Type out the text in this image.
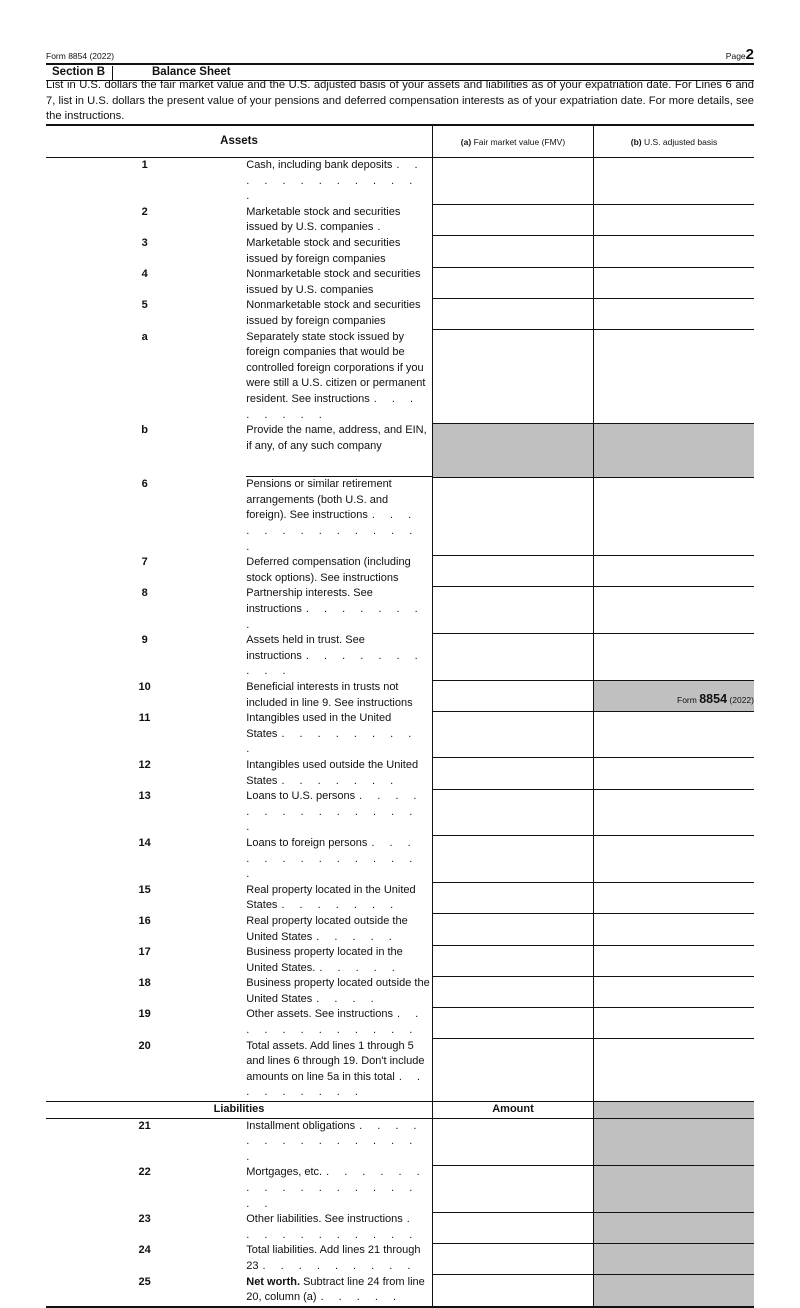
Form 8854 (2022)	Page2
Section B	Balance Sheet
List in U.S. dollars the fair market value and the U.S. adjusted basis of your assets and liabilities as of your expatriation date. For Lines 6 and 7, list in U.S. dollars the present value of your pensions and deferred compensation interests as of your expatriation date. For more details, see the instructions.
Assets		(a) Fair market value (FMV)	(b) U.S. adjusted basis
1	Cash, including bank deposits . . . . . . . . . . . . .		
2	Marketable stock and securities issued by U.S. companies .		
3	Marketable stock and securities issued by foreign companies		
4	Nonmarketable stock and securities issued by U.S. companies		
5	Nonmarketable stock and securities issued by foreign companies		
a	Separately state stock issued by foreign companies that would be controlled foreign corporations if you were still a U.S. citizen or permanent resident. See instructions . . . . . . . .		
b	Provide the name, address, and EIN, if any, of any such company

6	Pensions or similar retirement arrangements (both U.S. and foreign). See instructions . . . . . . . . . . . . . .		
7	Deferred compensation (including stock options). See instructions		
8	Partnership interests. See instructions . . . . . . . .		
9	Assets held in trust. See instructions . . . . . . . . . .		
10	Beneficial interests in trusts not included in line 9. See instructions		
11	Intangibles used in the United States . . . . . . . . .		
12	Intangibles used outside the United States . . . . . . .		
13	Loans to U.S. persons . . . . . . . . . . . . . . .		
14	Loans to foreign persons . . . . . . . . . . . . . .		
15	Real property located in the United States . . . . . . .		
16	Real property located outside the United States . . . . .		
17	Business property located in the United States. . . . . .		
18	Business property located outside the United States . . . .		
19	Other assets. See instructions . . . . . . . . . . . .		
20	Total assets. Add lines 1 through 5 and lines 6 through 19. Don't include amounts on line 5a in this total . . . . . . . . .		
Liabilities		Amount	
21	Installment obligations . . . . . . . . . . . . . . .		
22	Mortgages, etc. . . . . . . . . . . . . . . . . . .		
23	Other liabilities. See instructions . . . . . . . . . . .		
24	Total liabilities. Add lines 21 through 23 . . . . . . . . .		
25	Net worth. Subtract line 24 from line 20, column (a) . . . . .		
Form 8854 (2022)
